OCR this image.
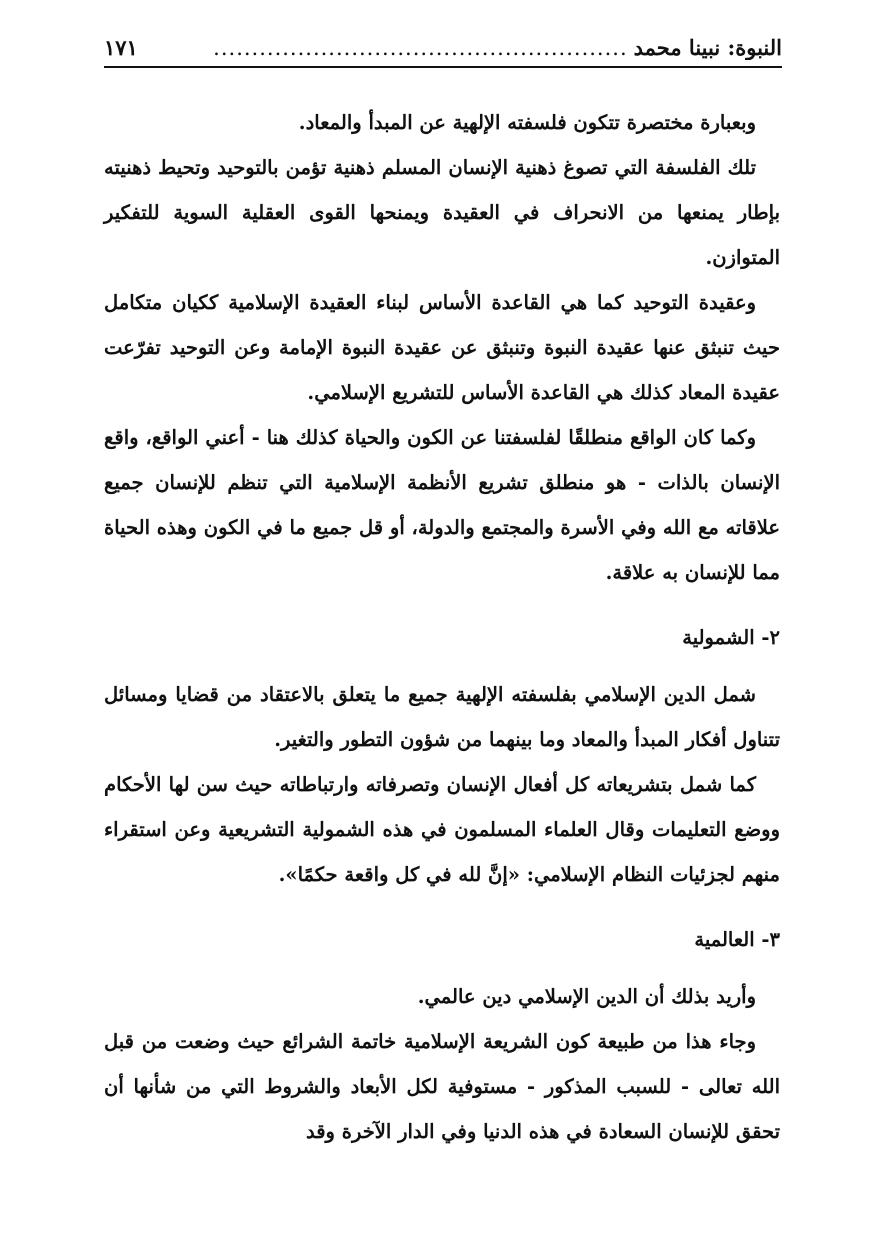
النبوة: نبينا محمد
......................................................
١٧١

وبعبارة مختصرة تتكون فلسفته الإلهية عن المبدأ والمعاد.

تلك الفلسفة التي تصوغ ذهنية الإنسان المسلم ذهنية تؤمن بالتوحيد وتحيط ذهنيته بإطار يمنعها من الانحراف في العقيدة ويمنحها القوى العقلية السوية للتفكير المتوازن.

وعقيدة التوحيد كما هي القاعدة الأساس لبناء العقيدة الإسلامية ككيان متكامل حيث تنبثق عنها عقيدة النبوة وتنبثق عن عقيدة النبوة الإمامة وعن التوحيد تفرّعت عقيدة المعاد كذلك هي القاعدة الأساس للتشريع الإسلامي.

وكما كان الواقع منطلقًا لفلسفتنا عن الكون والحياة كذلك هنا - أعني الواقع، واقع الإنسان بالذات - هو منطلق تشريع الأنظمة الإسلامية التي تنظم للإنسان جميع علاقاته مع الله وفي الأسرة والمجتمع والدولة، أو قل جميع ما في الكون وهذه الحياة مما للإنسان به علاقة.

٢- الشمولية

شمل الدين الإسلامي بفلسفته الإلهية جميع ما يتعلق بالاعتقاد من قضايا ومسائل تتناول أفكار المبدأ والمعاد وما بينهما من شؤون التطور والتغير.

كما شمل بتشريعاته كل أفعال الإنسان وتصرفاته وارتباطاته حيث سن لها الأحكام ووضع التعليمات وقال العلماء المسلمون في هذه الشمولية التشريعية وعن استقراء منهم لجزئيات النظام الإسلامي: «إنَّ لله في كل واقعة حكمًا».

٣- العالمية

وأريد بذلك أن الدين الإسلامي دين عالمي.

وجاء هذا من طبيعة كون الشريعة الإسلامية خاتمة الشرائع حيث وضعت من قبل الله تعالى - للسبب المذكور - مستوفية لكل الأبعاد والشروط التي من شأنها أن تحقق للإنسان السعادة في هذه الدنيا وفي الدار الآخرة وقد
